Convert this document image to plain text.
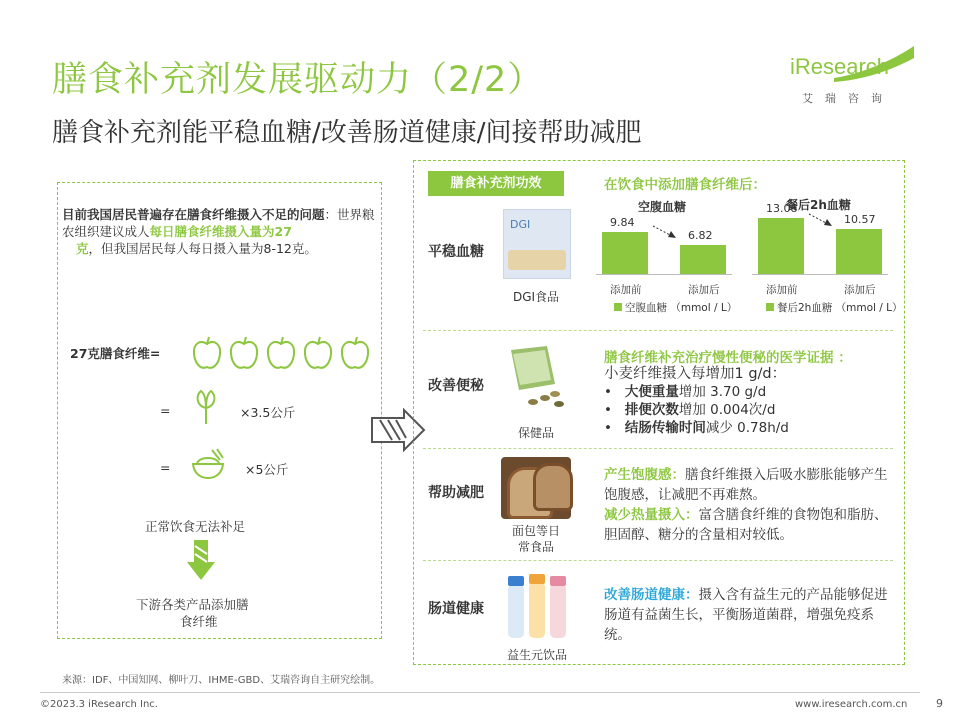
膳食补充剂发展驱动力（2/2）
膳食补充剂能平稳血糖/改善肠道健康/间接帮助减肥
iResearch
艾瑞咨询
目前我国居民普遍存在膳食纤维摄入不足的问题：世界粮农组织建议成人每日膳食纤维摄入量为27
克，但我国居民每人每日摄入量为8-12克。
27克膳食纤维=
=	×3.5公斤
=	×5公斤
正常饮食无法补足
下游各类产品添加膳
食纤维
膳食补充剂功效
平稳血糖
DGI
DGI食品
在饮食中添加膳食纤维后：
空腹血糖
9.84
添加前
6.82
添加后
空腹血糖 （mmol / L）
餐后2h血糖
13.08
添加前
10.57
添加后
餐后2h血糖 （mmol / L）
改善便秘
保健品
膳食纤维补充治疗慢性便秘的医学证据 ：
小麦纤维摄入每增加1 g/d：
•   大便重量增加 3.70 g/d
•   排便次数增加 0.004次/d
•   结肠传输时间减少 0.78h/d
帮助减肥
面包等日
常食品
产生饱腹感：膳食纤维摄入后吸水膨胀能够产生饱腹感，让减肥不再难熬。
减少热量摄入：富含膳食纤维的食物饱和脂肪、胆固醇、糖分的含量相对较低。
肠道健康
益生元饮品
改善肠道健康：摄入含有益生元的产品能够促进肠道有益菌生长，平衡肠道菌群，增强免疫系统。
来源：IDF、中国知网、柳叶刀、IHME-GBD、艾瑞咨询自主研究绘制。
©2023.3 iResearch Inc.	www.iresearch.com.cn	9
